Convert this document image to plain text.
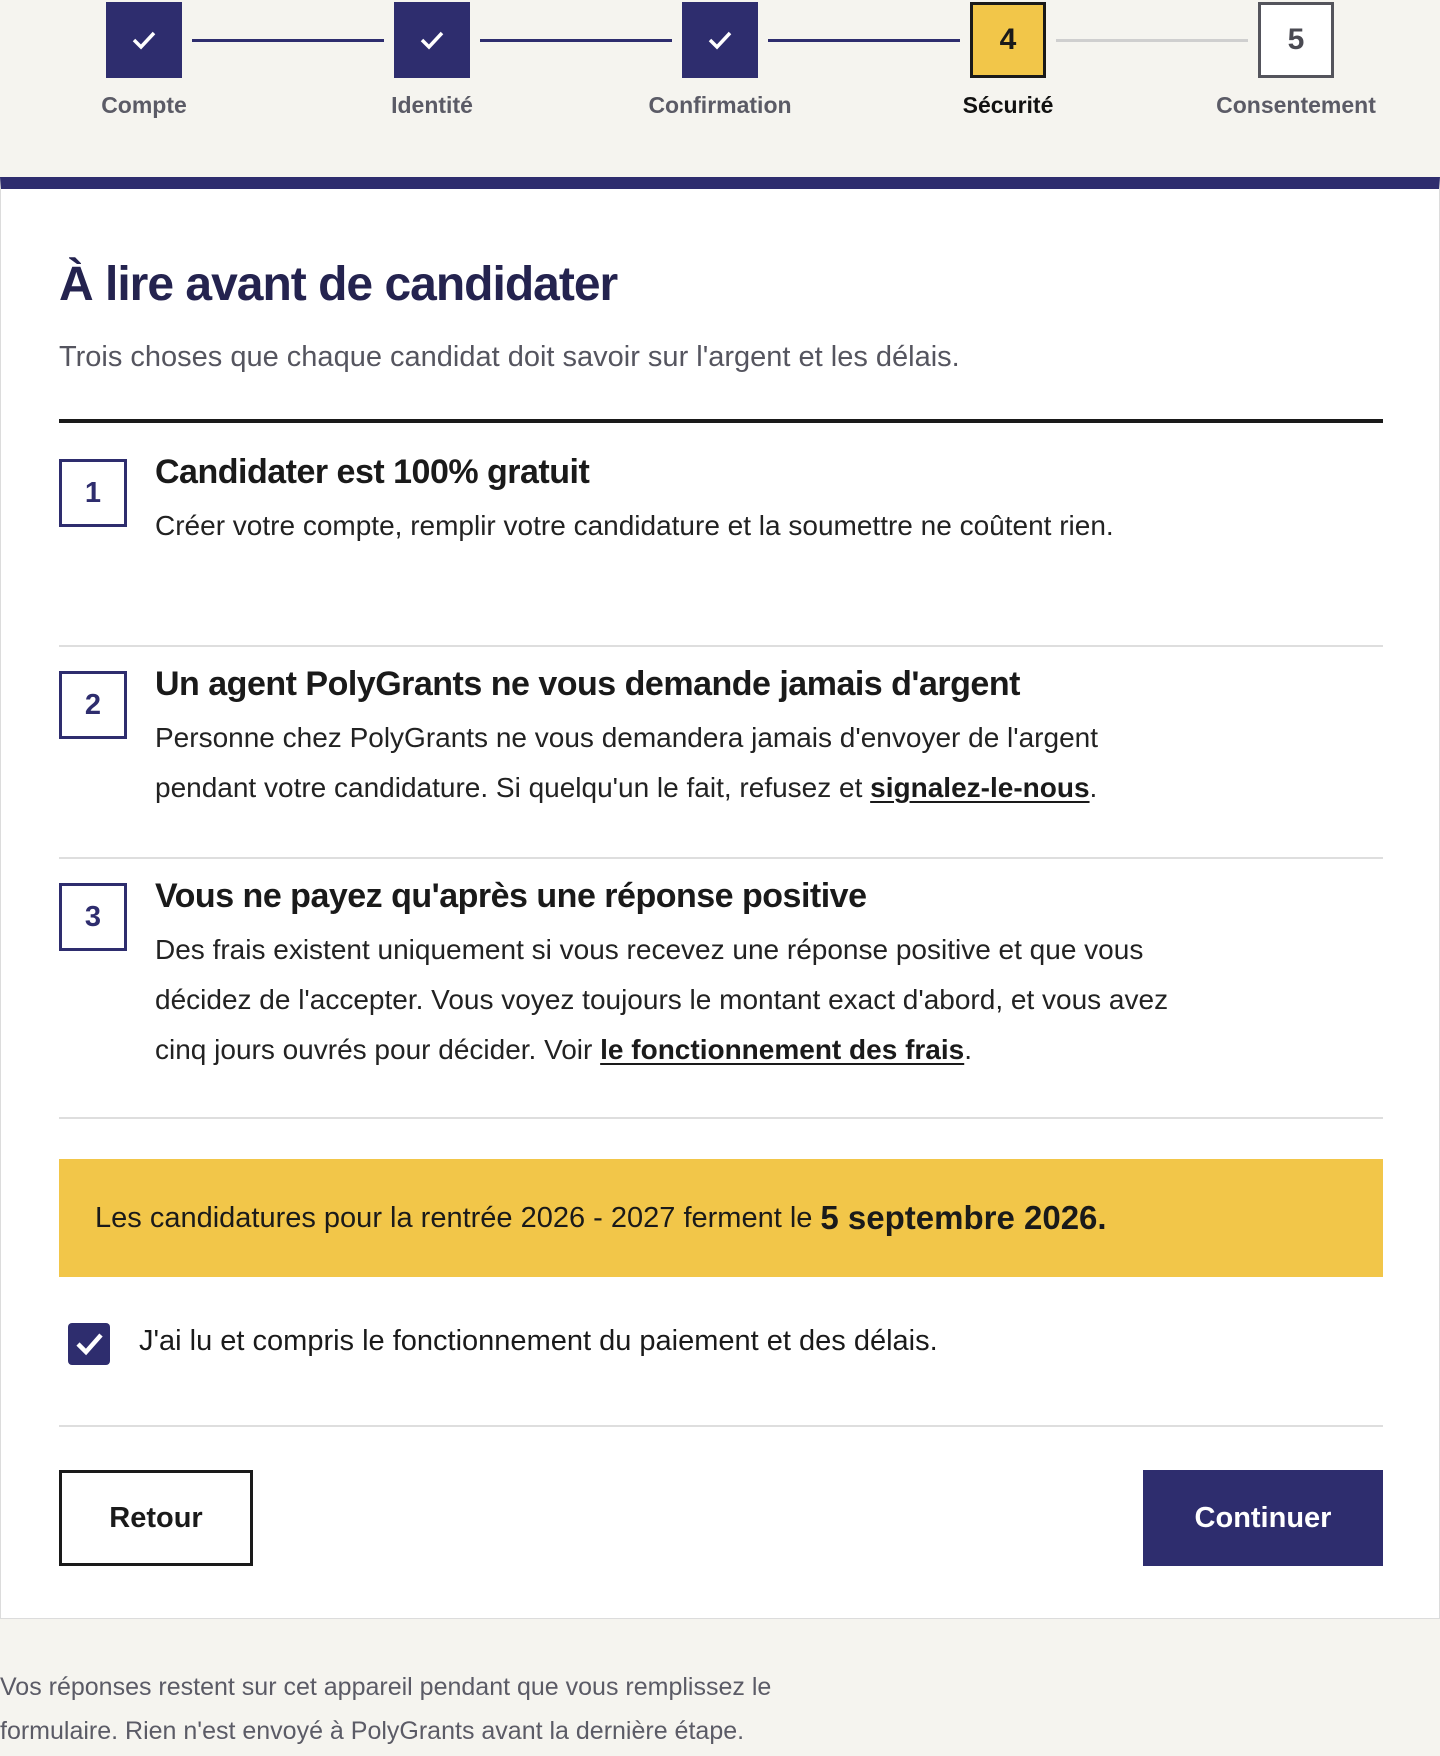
4	5
Compte	Identité	Confirmation	Sécurité	Consentement
À lire avant de candidater

Trois choses que chaque candidat doit savoir sur l'argent et les délais.

1
Candidater est 100% gratuit
Créer votre compte, remplir votre candidature et la soumettre ne coûtent rien.
2
Un agent PolyGrants ne vous demande jamais d'argent
Personne chez PolyGrants ne vous demandera jamais d'envoyer de l'argent pendant votre candidature. Si quelqu'un le fait, refusez et signalez-le-nous.
3
Vous ne payez qu'après une réponse positive
Des frais existent uniquement si vous recevez une réponse positive et que vous décidez de l'accepter. Vous voyez toujours le montant exact d'abord, et vous avez cinq jours ouvrés pour décider. Voir le fonctionnement des frais.
Les candidatures pour la rentrée 2026 - 2027 ferment le 5 septembre 2026 .
J'ai lu et compris le fonctionnement du paiement et des délais.
Retour	Continuer

Vos réponses restent sur cet appareil pendant que vous remplissez le formulaire. Rien n'est envoyé à PolyGrants avant la dernière étape.
